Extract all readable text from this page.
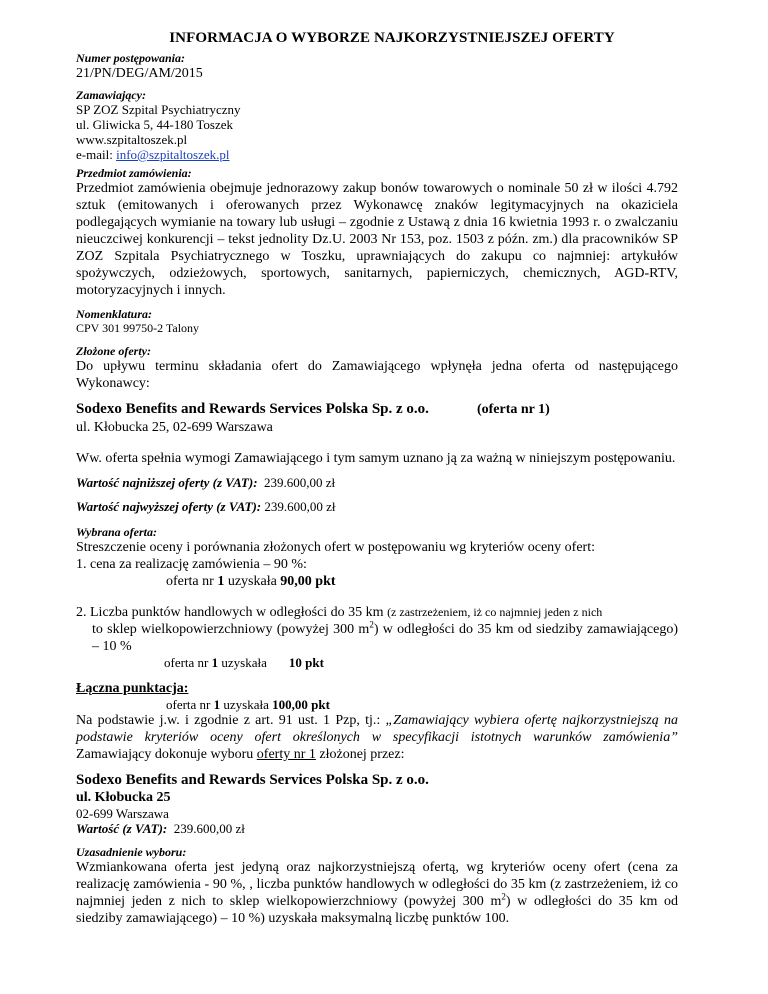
INFORMACJA O WYBORZE NAJKORZYSTNIEJSZEJ OFERTY

Numer postępowania:

21/PN/DEG/AM/2015

Zamawiający:

SP ZOZ Szpital Psychiatryczny

ul. Gliwicka 5, 44-180 Toszek

www.szpitaltoszek.pl

e-mail: info@szpitaltoszek.pl

Przedmiot zamówienia:

Przedmiot zamówienia obejmuje jednorazowy zakup bonów towarowych o nominale 50 zł w ilości 4.792 sztuk (emitowanych i oferowanych przez Wykonawcę znaków legitymacyjnych na okaziciela podlegających wymianie na towary lub usługi – zgodnie z Ustawą z dnia 16 kwietnia 1993 r. o zwalczaniu nieuczciwej konkurencji – tekst jednolity Dz.U. 2003 Nr 153, poz. 1503 z późn. zm.) dla pracowników SP ZOZ Szpitala Psychiatrycznego w Toszku, uprawniających do zakupu co najmniej: artykułów spożywczych, odzieżowych, sportowych, sanitarnych, papierniczych, chemicznych, AGD-RTV, motoryzacyjnych i innych.

Nomenklatura:

CPV 301 99750-2 Talony

Złożone oferty:

Do upływu terminu składania ofert do Zamawiającego wpłynęła jedna oferta od następującego Wykonawcy:

Sodexo Benefits and Rewards Services Polska Sp. z o.o.	(oferta nr 1)

ul. Kłobucka 25, 02-699 Warszawa

Ww. oferta spełnia wymogi Zamawiającego i tym samym uznano ją za ważną w niniejszym postępowaniu.

Wartość najniższej oferty (z VAT): 239.600,00 zł

Wartość najwyższej oferty (z VAT): 239.600,00 zł

Wybrana oferta:

Streszczenie oceny i porównania złożonych ofert w postępowaniu wg kryteriów oceny ofert:

1. cena za realizację zamówienia – 90 %:

oferta nr 1 uzyskała 90,00 pkt

2. Liczba punktów handlowych w odległości do 35 km (z zastrzeżeniem, iż co najmniej jeden z nich

to sklep wielkopowierzchniowy (powyżej 300 $m^2$) w odległości do 35 km od siedziby zamawiającego) – 10 %

oferta nr 1 uzyskała 10 pkt

Łączna punktacja:

oferta nr 1 uzyskała 100,00 pkt

Na podstawie j.w. i zgodnie z art. 91 ust. 1 Pzp, tj.: „Zamawiający wybiera ofertę najkorzystniejszą na podstawie kryteriów oceny ofert określonych w specyfikacji istotnych warunków zamówienia” Zamawiający dokonuje wyboru oferty nr 1 złożonej przez:

Sodexo Benefits and Rewards Services Polska Sp. z o.o.

ul. Kłobucka 25

02-699 Warszawa

Wartość (z VAT): 239.600,00 zł

Uzasadnienie wyboru:

Wzmiankowana oferta jest jedyną oraz najkorzystniejszą ofertą, wg kryteriów oceny ofert (cena za realizację zamówienia - 90 %, , liczba punktów handlowych w odległości do 35 km (z zastrzeżeniem, iż co najmniej jeden z nich to sklep wielkopowierzchniowy (powyżej 300 $m^2$) w odległości do 35 km od siedziby zamawiającego) – 10 %) uzyskała maksymalną liczbę punktów 100.
